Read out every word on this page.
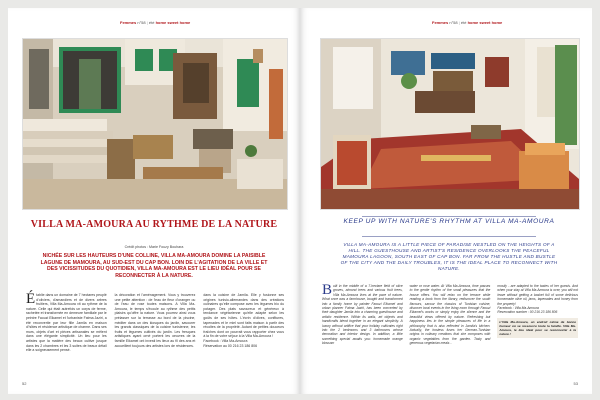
Femmes n°58 | été home sweet home
VILLA MA-AMOURA AU RYTHME DE LA NATURE
Crédit photos : Marie Fouzy Bouhara
NICHÉE SUR LES HAUTEURS D'UNE COLLINE, VILLA MA-AMOURA DOMINE LA PAISIBLE LAGUNE DE MAMOURA, AU SUD-EST DU CAP BON. LOIN DE L'AGITATION DE LA VILLE ET DES VICISSITUDES DU QUOTIDIEN, VILLA MA-AMOURA EST LE LIEU IDÉAL POUR SE RECONNECTER À LA NATURE.
É tablie dans un domaine de 7 hectares peuplé d'oliviers, d'amandiers et de divers arbres fruitiers, Villa Ma-Amoura vit au rythme de la nature. Celle qui était autrefois un corps de ferme, rachetée et transformée en demeure familiale par le peintre Faouzi Elkamel et l'urbaniste Fatma Jaziri, a été reconvertie par leur fille Jamila en maison d'hôtes et résidence artistique de charme. Dans ses murs, objets d'art et pièces artisanales se mêlent dans une élégante simplicité. Un lieu pour les artistes que la matière des beaux cultive jusque dans les 2 chambres et les 3 suites de beaux détail elle a soigneusement pensé.
la décoration et l'aménagement. Vous y trouverez une petite attention : de l'eau de fleur d'oranger ou de l'eau de rose toutes maisons. A Villa Ma-Amoura, le temps s'écoule au rythme des petits plaisirs qu'offre la nature. Vous pourrez ainsi vous prélasser sur la terrasse au bord de la piscine, méditer dans un des kiosques du jardin, savourer les grands classiques de la cuisine tunisienne, les fruits et légumes cultivés du jardin. Les fresques artistiques ayant orné portent les oeuvres de la famille Elkamel ont investi les lieux au fil des ans et accueillent toujours des artistes lors de résidences.
dans la cuisine de Jamila. Elle y fusionne ses origines tunisio-allemandes dans des créations culinaires qu'elle compose avec les légumes bio du potager. Des plats savoureux et généreux à tendance végétarienne qu'elle adapte selon les goûts de ses hôtes. L'écrin d'olives, confitures, tapenades et le miel sont faits maison à partir des récoltes de la propriété. Autant de petites douceurs fraîches dont on pourrait vous rapporter chez vous à la fin de votre séjour à la Villa Ma-Amoura !
Facebook : Villa Ma-Amoura
Réservation au 00 216 23 186 806
52
Femmes n°58 | été home sweet home
KEEP UP WITH NATURE'S RHYTHM AT VILLA MA-AMOURA
VILLA MA-AMOURA IS A LITTLE PIECE OF PARADISE NESTLED ON THE HEIGHTS OF A HILL. THE GUESTHOUSE AND ARTIST'S RESIDENCE OVERLOOKS THE PEACEFUL MAMOURA LAGOON, SOUTH EAST OF CAP BON. FAR FROM THE HUSTLE AND BUSTLE OF THE CITY AND THE DAILY TROUBLES, IT IS THE IDEAL PLACE TO RECONNECT WITH NATURE.
B uilt in the middle of a 7-hectare field of olive groves, almond trees and various fruit trees, Villa Ma-Amoura lives at the pace of nature. What once was a farmhouse, bought and transformed into a family home by painter Faouzi Elkamel and urban planner Fatma Jaziri, has been converted by their daughter Jamila into a charming guesthouse and artistic residence. Within its walls, art objects and handicrafts blend together in an elegant simplicity. A luxury without artifice that your holiday cultivates right into the 2 bedrooms and 3 bathrooms whose decoration and interior design. In addition, a little something special awaits you: homemade orange blossom
water or rose water. At Villa Ma-Amoura, time passes to the gentle rhythm of the small pleasures that the house offers. You will relax on the terrace while reading a book from the library, rediscover the south flavours, savour the classics of Tunisian cuisine, discover local events in the living room through Faouzi Elkamel's works or simply enjoy the silence and the beautiful views offered by nature. Refreshing but happiness lies in the simple pleasures of life in a philosophy that is also reflected in Jamila's kitchen. Actually, the hostess fuses her German-Tunisian origins in culinary creations that she composes with organic vegetables from the garden. Tasty and generous vegetarian meals -
mostly - are adapted to the tastes of her guests. And when your stay at Villa Ma-Amoura is over, you will not leave without getting a basket full of some delicious homemade olive oil, jams, tapenades and honey from the property!
Facebook : Villa Ma-Amoura
Reservation number : 00 216 23 186 806
L'Villa Ma-Amoura, un endroit calme de bonne humeur où se ressource toute la famille. Villa Ma-Amoura, le lieu idéal pour se reconnecter à la nature !
53
